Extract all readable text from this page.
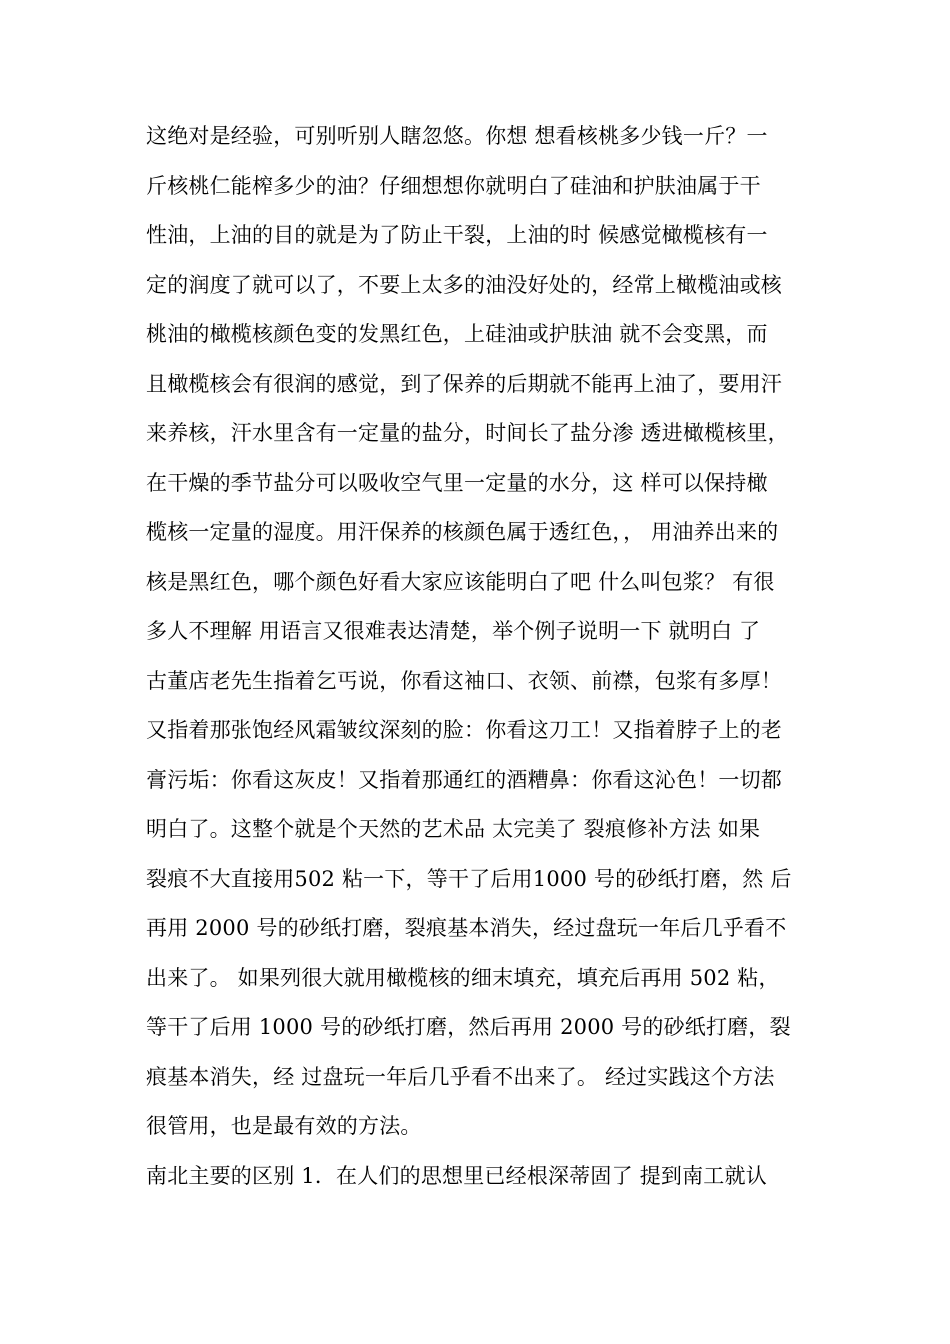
这绝对是经验，可别听别人瞎忽悠。你想 想看核桃多少钱一斤？一
斤核桃仁能榨多少的油？仔细想想你就明白了硅油和护肤油属于干
性油，上油的目的就是为了防止干裂，上油的时 候感觉橄榄核有一
定的润度了就可以了，不要上太多的油没好处的，经常上橄榄油或核
桃油的橄榄核颜色变的发黑红色，上硅油或护肤油 就不会变黑，而
且橄榄核会有很润的感觉，到了保养的后期就不能再上油了，要用汗
来养核，汗水里含有一定量的盐分，时间长了盐分渗 透进橄榄核里，
在干燥的季节盐分可以吸收空气里一定量的水分，这 样可以保持橄
榄核一定量的湿度。用汗保养的核颜色属于透红色，， 用油养出来的
核是黑红色，哪个颜色好看大家应该能明白了吧 什么叫包浆？ 有很
多人不理解 用语言又很难表达清楚，举个例子说明一下 就明白 了
古董店老先生指着乞丐说，你看这袖口、衣领、前襟，包浆有多厚！
又指着那张饱经风霜皱纹深刻的脸：你看这刀工！又指着脖子上的老
膏污垢：你看这灰皮！又指着那通红的酒糟鼻：你看这沁色！一切都
明白了。这整个就是个天然的艺术品 太完美了 裂痕修补方法 如果
裂痕不大直接用502 粘一下，等干了后用1000 号的砂纸打磨，然 后
再用 2000 号的砂纸打磨，裂痕基本消失，经过盘玩一年后几乎看不
出来了。 如果列很大就用橄榄核的细末填充，填充后再用 502 粘，
等干了后用 1000 号的砂纸打磨，然后再用 2000 号的砂纸打磨，裂
痕基本消失，经 过盘玩一年后几乎看不出来了。 经过实践这个方法
很管用，也是最有效的方法。
南北主要的区别 1．在人们的思想里已经根深蒂固了 提到南工就认
